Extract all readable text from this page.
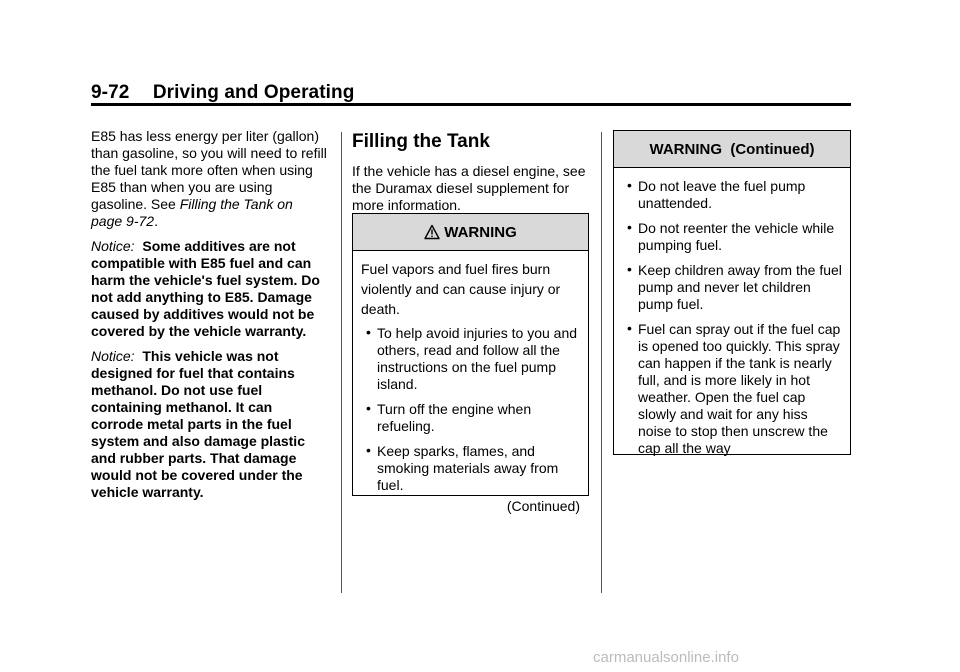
9-72 Driving and Operating

E85 has less energy per liter (gallon) than gasoline, so you will need to refill the fuel tank more often when using E85 than when you are using gasoline. See Filling the Tank on page 9-72.

Notice: Some additives are not compatible with E85 fuel and can harm the vehicle's fuel system. Do not add anything to E85. Damage caused by additives would not be covered by the vehicle warranty.

Notice: This vehicle was not designed for fuel that contains methanol. Do not use fuel containing methanol. It can corrode metal parts in the fuel system and also damage plastic and rubber parts. That damage would not be covered under the vehicle warranty.

Filling the Tank

If the vehicle has a diesel engine, see the Duramax diesel supplement for more information.

WARNING

Fuel vapors and fuel fires burn violently and can cause injury or death.

• To help avoid injuries to you and others, read and follow all the instructions on the fuel pump island.
• Turn off the engine when refueling.
• Keep sparks, flames, and smoking materials away from fuel.
(Continued)
WARNING  (Continued)
• Do not leave the fuel pump unattended.
• Do not reenter the vehicle while pumping fuel.
• Keep children away from the fuel pump and never let children pump fuel.
• Fuel can spray out if the fuel cap is opened too quickly. This spray can happen if the tank is nearly full, and is more likely in hot weather. Open the fuel cap slowly and wait for any hiss noise to stop then unscrew the cap all the way
carmanualsonline.info
